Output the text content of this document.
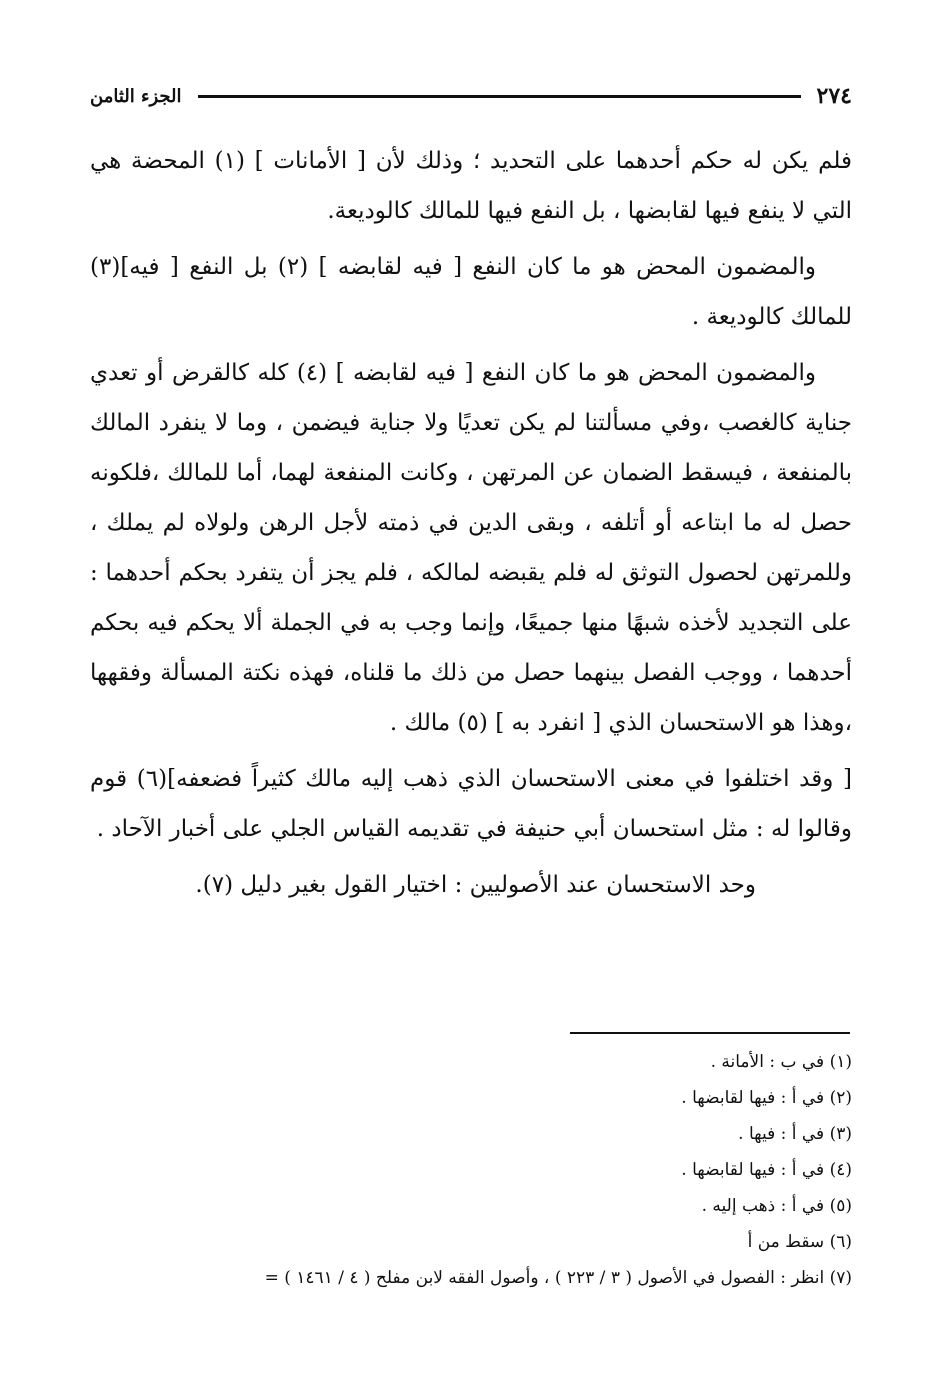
٢٧٤
الجزء الثامن

فلم يكن له حكم أحدهما على التحديد ؛ وذلك لأن [ الأمانات ] (١) المحضة هي التي لا ينفع فيها لقابضها ، بل النفع فيها للمالك كالوديعة.

والمضمون المحض هو ما كان النفع [ فيه لقابضه ] (٢) بل النفع [ فيه](٣) للمالك كالوديعة .

والمضمون المحض هو ما كان النفع [ فيه لقابضه ] (٤) كله كالقرض أو تعدي جناية كالغصب ،وفي مسألتنا لم يكن تعديًا ولا جناية فيضمن ، وما لا ينفرد المالك بالمنفعة ، فيسقط الضمان عن المرتهن ، وكانت المنفعة لهما، أما للمالك ،فلكونه حصل له ما ابتاعه أو أتلفه ، وبقى الدين في ذمته لأجل الرهن ولولاه لم يملك ، وللمرتهن لحصول التوثق له فلم يقبضه لمالكه ، فلم يجز أن يتفرد بحكم أحدهما : على التجديد لأخذه شبهًا منها جميعًا، وإنما وجب به في الجملة ألا يحكم فيه بحكم أحدهما ، ووجب الفصل بينهما حصل من ذلك ما قلناه، فهذه نكتة المسألة وفقهها ،وهذا هو الاستحسان الذي [ انفرد به ] (٥) مالك .

[ وقد اختلفوا في معنى الاستحسان الذي ذهب إليه مالك كثيراً فضعفه](٦) قوم وقالوا له : مثل استحسان أبي حنيفة في تقديمه القياس الجلي على أخبار الآحاد .

وحد الاستحسان عند الأصوليين : اختيار القول بغير دليل (٧).

(١) في ب : الأمانة .
(٢) في أ : فيها لقابضها .
(٣) في أ : فيها .
(٤) في أ : فيها لقابضها .
(٥) في أ : ذهب إليه .
(٦) سقط من أ
(٧) انظر : الفصول في الأصول ( ٣ / ٢٢٣ ) ، وأصول الفقه لابن مفلح ( ٤ / ١٤٦١ ) =
